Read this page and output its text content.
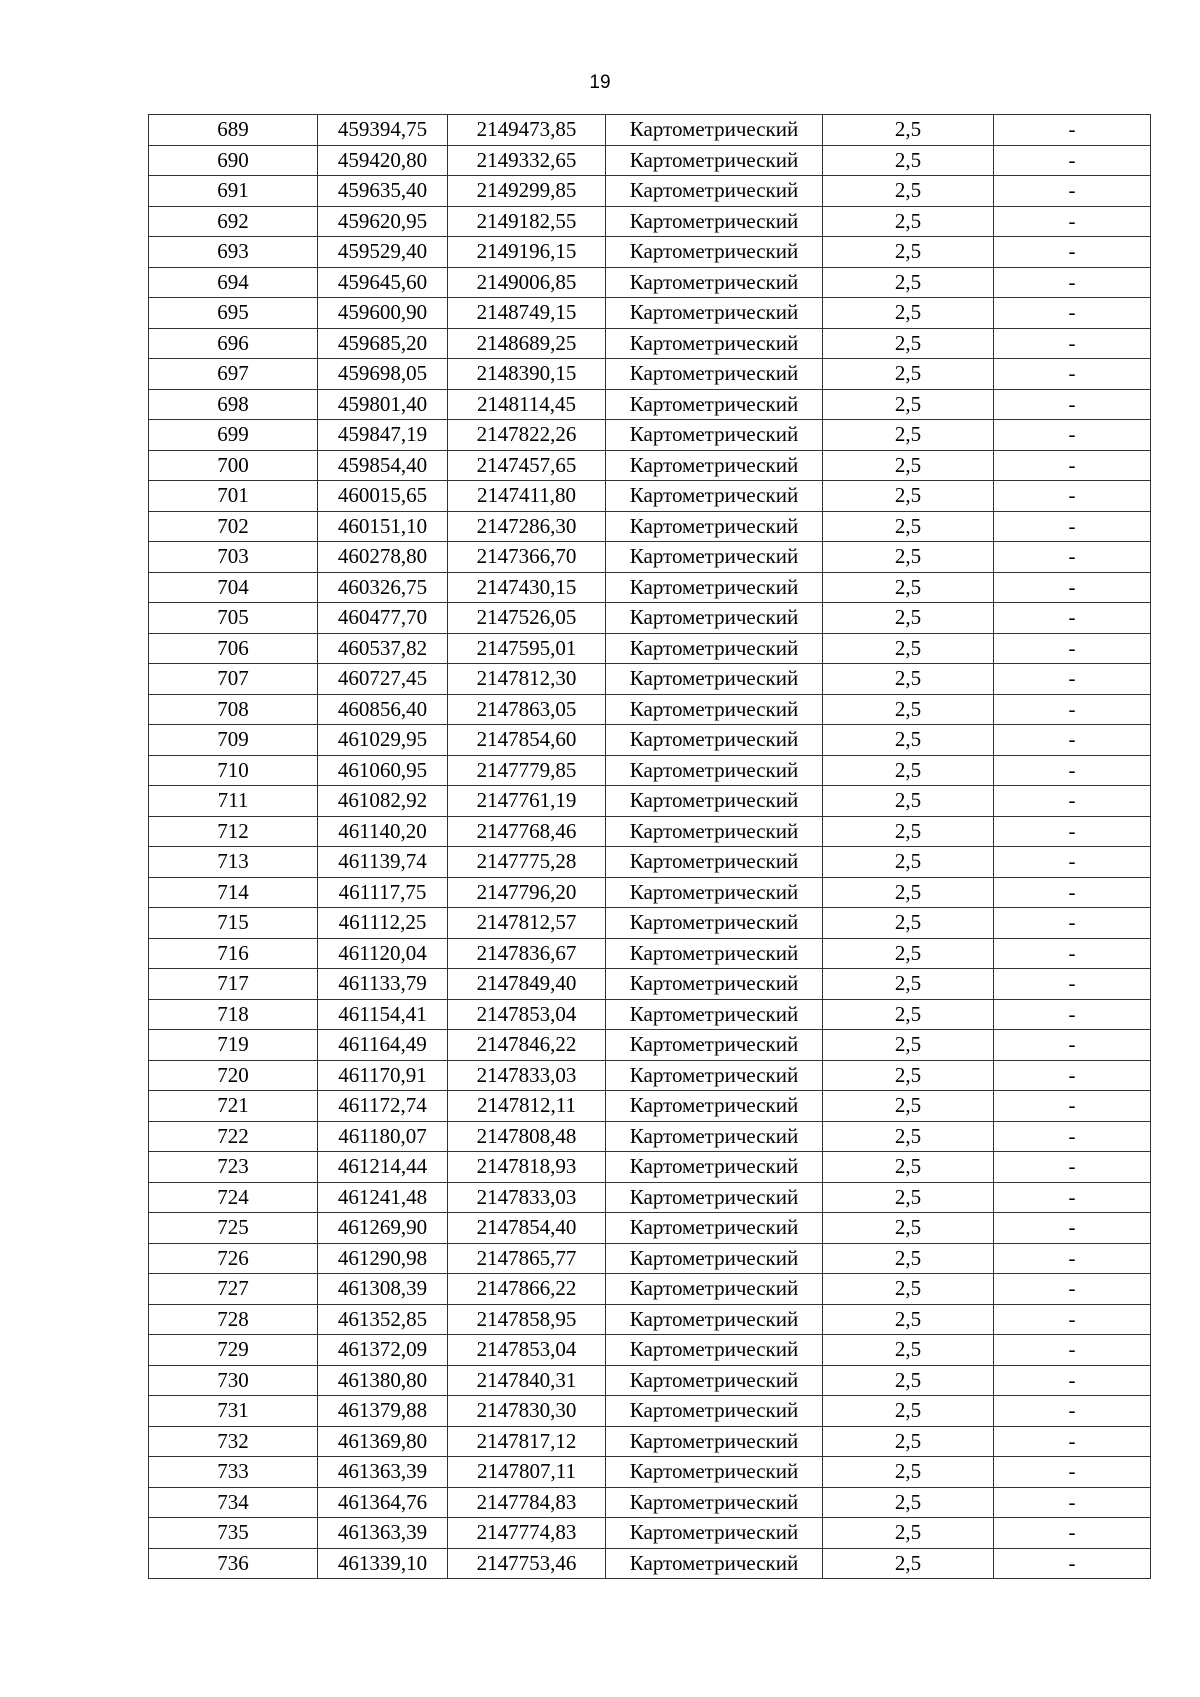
19
689	459394,75	2149473,85	Картометрический	2,5	-
690	459420,80	2149332,65	Картометрический	2,5	-
691	459635,40	2149299,85	Картометрический	2,5	-
692	459620,95	2149182,55	Картометрический	2,5	-
693	459529,40	2149196,15	Картометрический	2,5	-
694	459645,60	2149006,85	Картометрический	2,5	-
695	459600,90	2148749,15	Картометрический	2,5	-
696	459685,20	2148689,25	Картометрический	2,5	-
697	459698,05	2148390,15	Картометрический	2,5	-
698	459801,40	2148114,45	Картометрический	2,5	-
699	459847,19	2147822,26	Картометрический	2,5	-
700	459854,40	2147457,65	Картометрический	2,5	-
701	460015,65	2147411,80	Картометрический	2,5	-
702	460151,10	2147286,30	Картометрический	2,5	-
703	460278,80	2147366,70	Картометрический	2,5	-
704	460326,75	2147430,15	Картометрический	2,5	-
705	460477,70	2147526,05	Картометрический	2,5	-
706	460537,82	2147595,01	Картометрический	2,5	-
707	460727,45	2147812,30	Картометрический	2,5	-
708	460856,40	2147863,05	Картометрический	2,5	-
709	461029,95	2147854,60	Картометрический	2,5	-
710	461060,95	2147779,85	Картометрический	2,5	-
711	461082,92	2147761,19	Картометрический	2,5	-
712	461140,20	2147768,46	Картометрический	2,5	-
713	461139,74	2147775,28	Картометрический	2,5	-
714	461117,75	2147796,20	Картометрический	2,5	-
715	461112,25	2147812,57	Картометрический	2,5	-
716	461120,04	2147836,67	Картометрический	2,5	-
717	461133,79	2147849,40	Картометрический	2,5	-
718	461154,41	2147853,04	Картометрический	2,5	-
719	461164,49	2147846,22	Картометрический	2,5	-
720	461170,91	2147833,03	Картометрический	2,5	-
721	461172,74	2147812,11	Картометрический	2,5	-
722	461180,07	2147808,48	Картометрический	2,5	-
723	461214,44	2147818,93	Картометрический	2,5	-
724	461241,48	2147833,03	Картометрический	2,5	-
725	461269,90	2147854,40	Картометрический	2,5	-
726	461290,98	2147865,77	Картометрический	2,5	-
727	461308,39	2147866,22	Картометрический	2,5	-
728	461352,85	2147858,95	Картометрический	2,5	-
729	461372,09	2147853,04	Картометрический	2,5	-
730	461380,80	2147840,31	Картометрический	2,5	-
731	461379,88	2147830,30	Картометрический	2,5	-
732	461369,80	2147817,12	Картометрический	2,5	-
733	461363,39	2147807,11	Картометрический	2,5	-
734	461364,76	2147784,83	Картометрический	2,5	-
735	461363,39	2147774,83	Картометрический	2,5	-
736	461339,10	2147753,46	Картометрический	2,5	-
